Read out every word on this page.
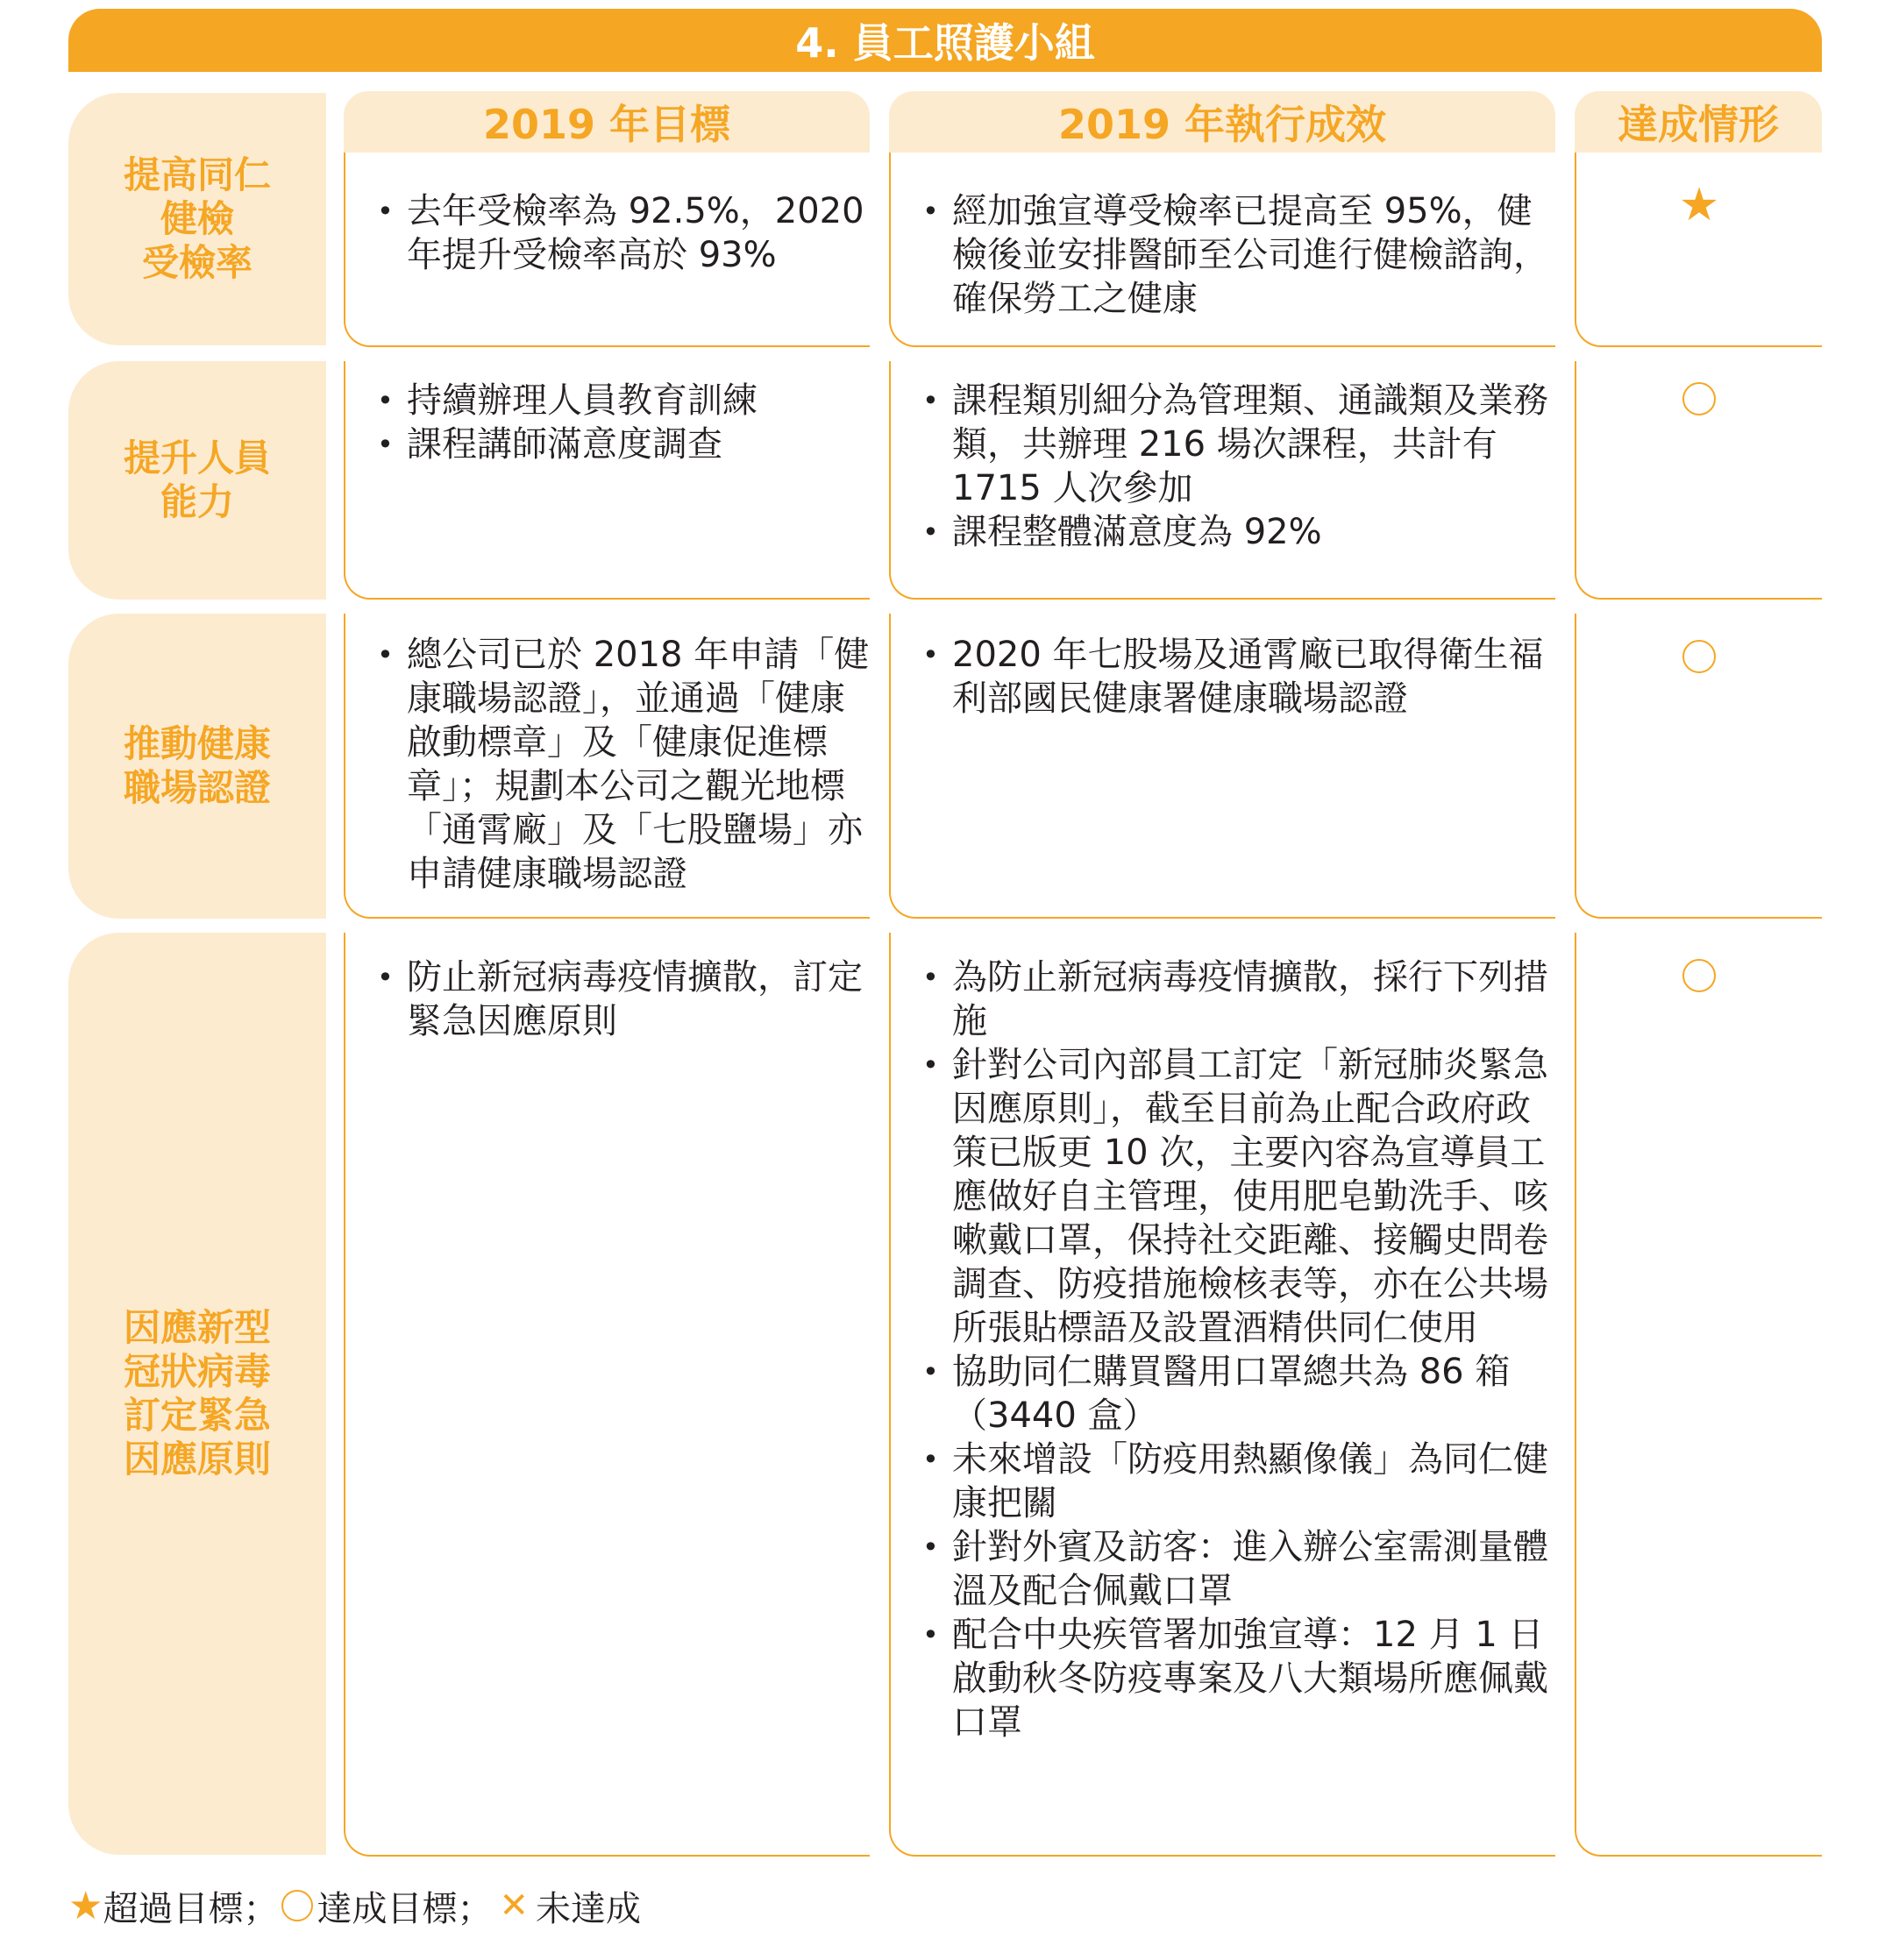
4. 員工照護小組
2019 年目標	2019 年執行成效	達成情形
提高同仁
健檢
受檢率
• 去年受檢率為 92.5%，2020 年提升受檢率高於 93%
• 經加強宣導受檢率已提高至 95%，健檢後並安排醫師至公司進行健檢諮詢，確保勞工之健康
★
提升人員
能力
• 持續辦理人員教育訓練
• 課程講師滿意度調查
• 課程類別細分為管理類、通識類及業務類，共辦理 216 場次課程，共計有 1715 人次參加
• 課程整體滿意度為 92%
推動健康
職場認證
• 總公司已於 2018 年申請「健康職場認證」，並通過「健康啟動標章」及「健康促進標章」；規劃本公司之觀光地標「通霄廠」及「七股鹽場」亦申請健康職場認證
• 2020 年七股場及通霄廠已取得衛生福利部國民健康署健康職場認證
因應新型
冠狀病毒
訂定緊急
因應原則
• 防止新冠病毒疫情擴散，訂定緊急因應原則
• 為防止新冠病毒疫情擴散，採行下列措施
• 針對公司內部員工訂定「新冠肺炎緊急因應原則」，截至目前為止配合政府政策已版更 10 次，主要內容為宣導員工應做好自主管理，使用肥皂勤洗手、咳嗽戴口罩，保持社交距離、接觸史問卷調查、防疫措施檢核表等，亦在公共場所張貼標語及設置酒精供同仁使用
• 協助同仁購買醫用口罩總共為 86 箱（3440 盒）
• 未來增設「防疫用熱顯像儀」為同仁健康把關
• 針對外賓及訪客：進入辦公室需測量體溫及配合佩戴口罩
• 配合中央疾管署加強宣導：12 月 1 日啟動秋冬防疫專案及八大類場所應佩戴口罩
★ 超過目標； 達成目標； ✕ 未達成
